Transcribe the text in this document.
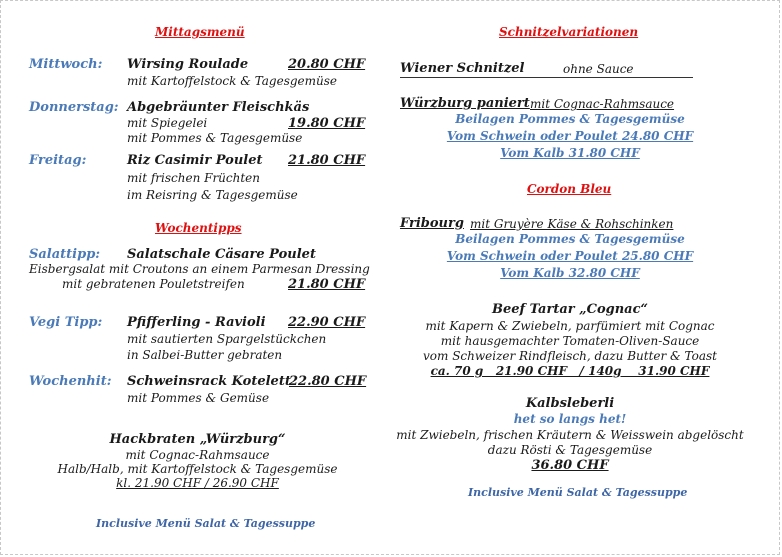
Mittagsmenü
Mittwoch: Wirsing Roulade	20.80 CHF
mit Kartoffelstock & Tagesgemüse
Donnerstag: Abgebräunter Fleischkäs
mit Spiegelei	19.80 CHF
mit Pommes & Tagesgemüse
Freitag:	Riz Casimir Poulet 21.80 CHF
mit frischen Früchten
im Reisring & Tagesgemüse
Wochentipps
Salattipp: Salatschale Cäsare Poulet
Eisbergsalat mit Croutons an einem Parmesan Dressing
mit gebratenen Pouletstreifen	21.80 CHF
Vegi Tipp: Pfifferling - Ravioli 22.90 CHF
mit sautierten Spargelstückchen
in Salbei-Butter gebraten
Wochenhit: Schweinsrack Kotelett
22.80 CHF
mit Pommes & Gemüse
Hackbraten „Würzburg“
mit Cognac-Rahmsauce
Halb/Halb, mit Kartoffelstock & Tagesgemüse
kl. 21.90 CHF / 26.90 CHF
Inclusive Menü Salat & Tagessuppe
Schnitzelvariationen
Wiener Schnitzel	ohne Sauce
Würzburg paniert mit Cognac-Rahmsauce
Beilagen Pommes & Tagesgemüse
Vom Schwein oder Poulet 24.80 CHF
Vom Kalb 31.80 CHF
Cordon Bleu
Fribourg mit Gruyère Käse & Rohschinken
Beilagen Pommes & Tagesgemüse
Vom Schwein oder Poulet 25.80 CHF
Vom Kalb 32.80 CHF
Beef Tartar „Cognac“
mit Kapern & Zwiebeln, parfümiert mit Cognac
mit hausgemachter Tomaten-Oliven-Sauce
vom Schweizer Rindfleisch, dazu Butter & Toast
ca. 70 g   21.90 CHF   / 140g    31.90 CHF
Kalbsleberli
het so langs het!
mit Zwiebeln, frischen Kräutern & Weisswein abgelöscht
dazu Rösti & Tagesgemüse
36.80 CHF
Inclusive Menü Salat & Tagessuppe
